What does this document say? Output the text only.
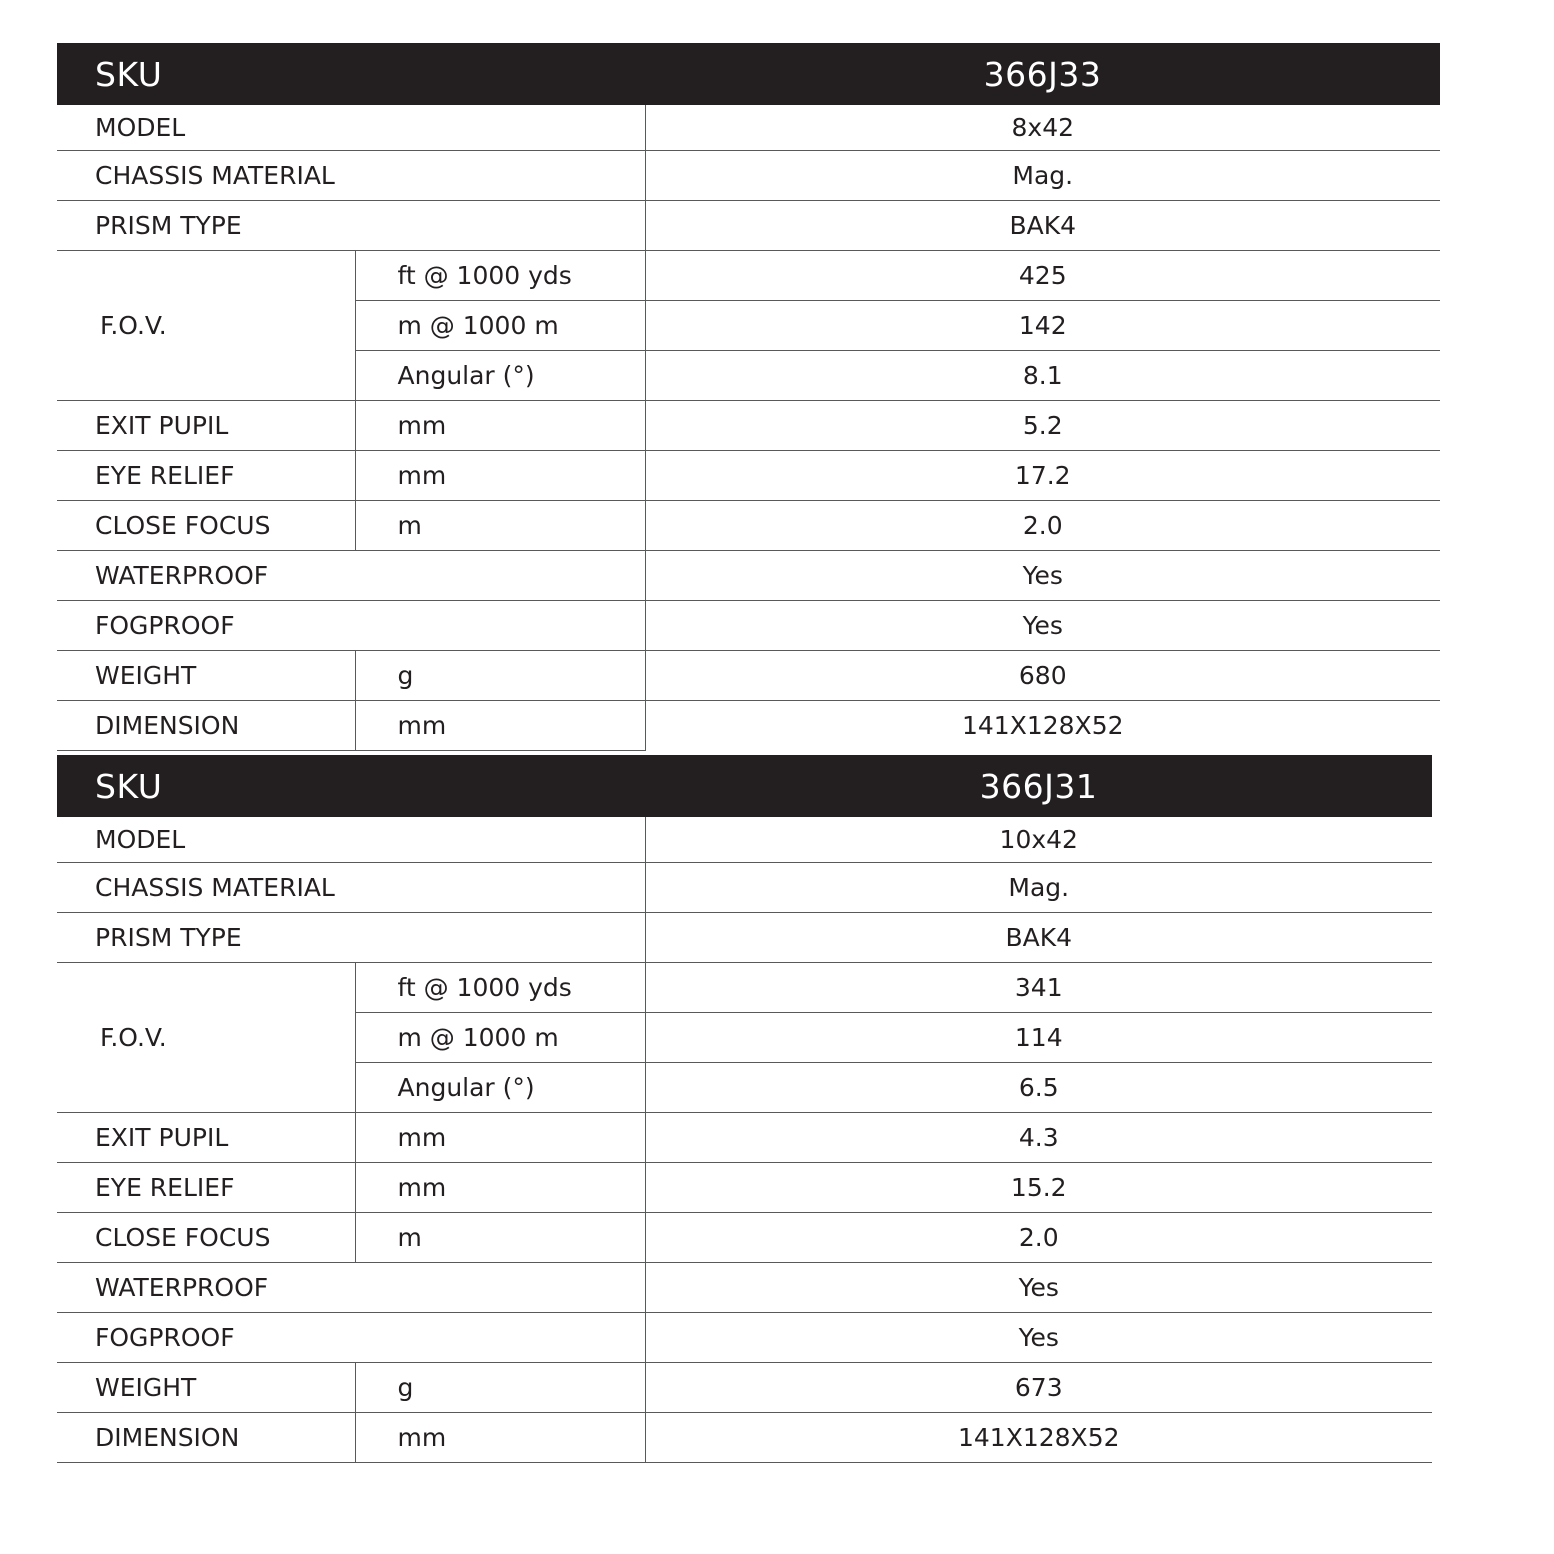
SKU		366J33
MODEL		8x42
CHASSIS MATERIAL		Mag.
PRISM TYPE		BAK4
F.O.V.	ft @ 1000 yds	425
	m @ 1000 m	142
	Angular (°)	8.1
EXIT PUPIL	mm	5.2
EYE RELIEF	mm	17.2
CLOSE FOCUS	m	2.0
WATERPROOF		Yes
FOGPROOF		Yes
WEIGHT	g	680
DIMENSION	mm	141X128X52
SKU		366J31
MODEL		10x42
CHASSIS MATERIAL		Mag.
PRISM TYPE		BAK4
F.O.V.	ft @ 1000 yds	341
	m @ 1000 m	114
	Angular (°)	6.5
EXIT PUPIL	mm	4.3
EYE RELIEF	mm	15.2
CLOSE FOCUS	m	2.0
WATERPROOF		Yes
FOGPROOF		Yes
WEIGHT	g	673
DIMENSION	mm	141X128X52
